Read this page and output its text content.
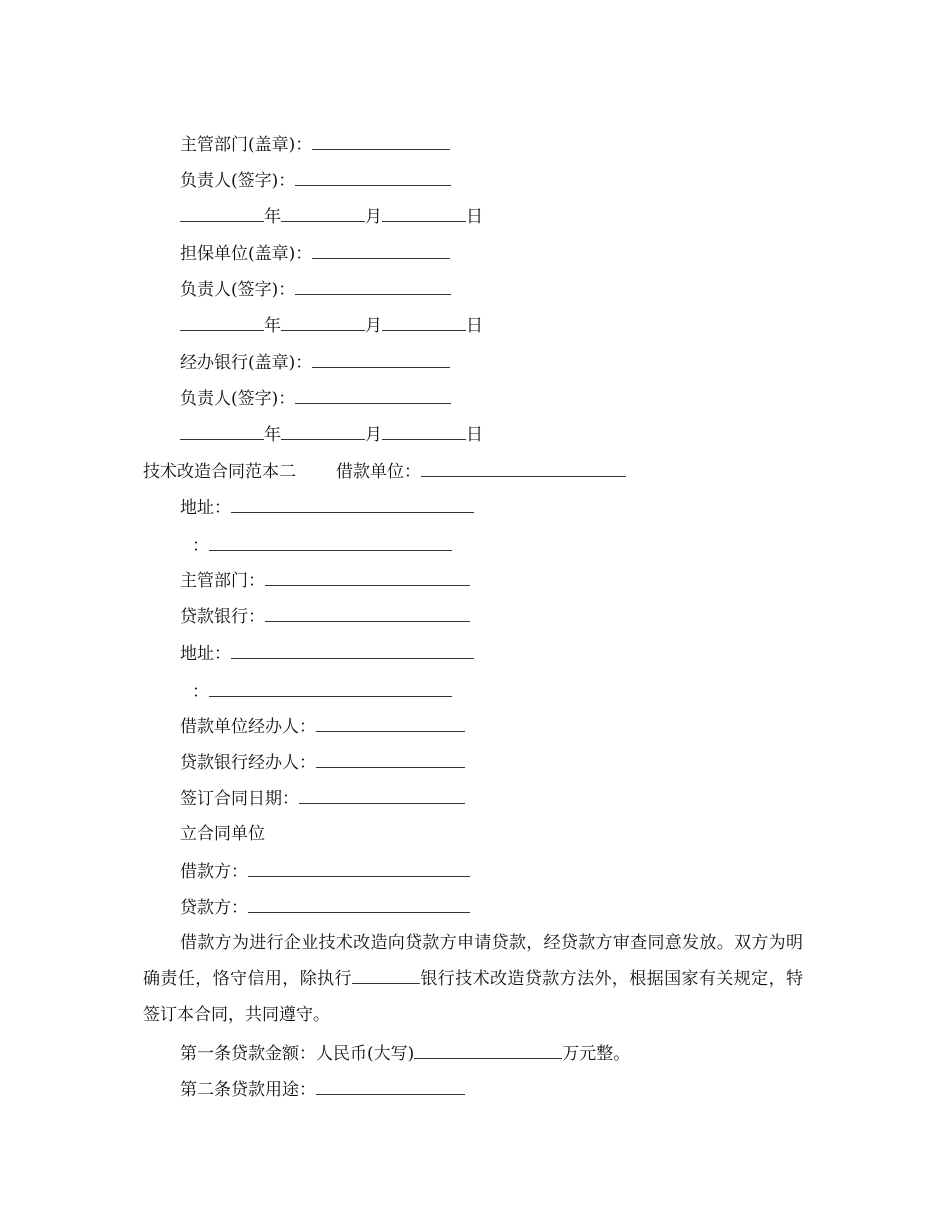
主管部门(盖章)：
负责人(签字)：
年	月	日
担保单位(盖章)：
负责人(签字)：
年	月	日
经办银行(盖章)：
负责人(签字)：
年	月	日
技术改造合同范本二 借款单位：
地址：
：
主管部门：
贷款银行：
地址：
：
借款单位经办人：
贷款银行经办人：
签订合同日期：
立合同单位
借款方：
贷款方：
借款方为进行企业技术改造向贷款方申请贷款，经贷款方审查同意发放。双方为明确责任，恪守信用，除执行	银行技术改造贷款方法外，根据国家有关规定，特签订本合同，共同遵守。
第一条贷款金额：人民币(大写)	万元整。
第二条贷款用途：
